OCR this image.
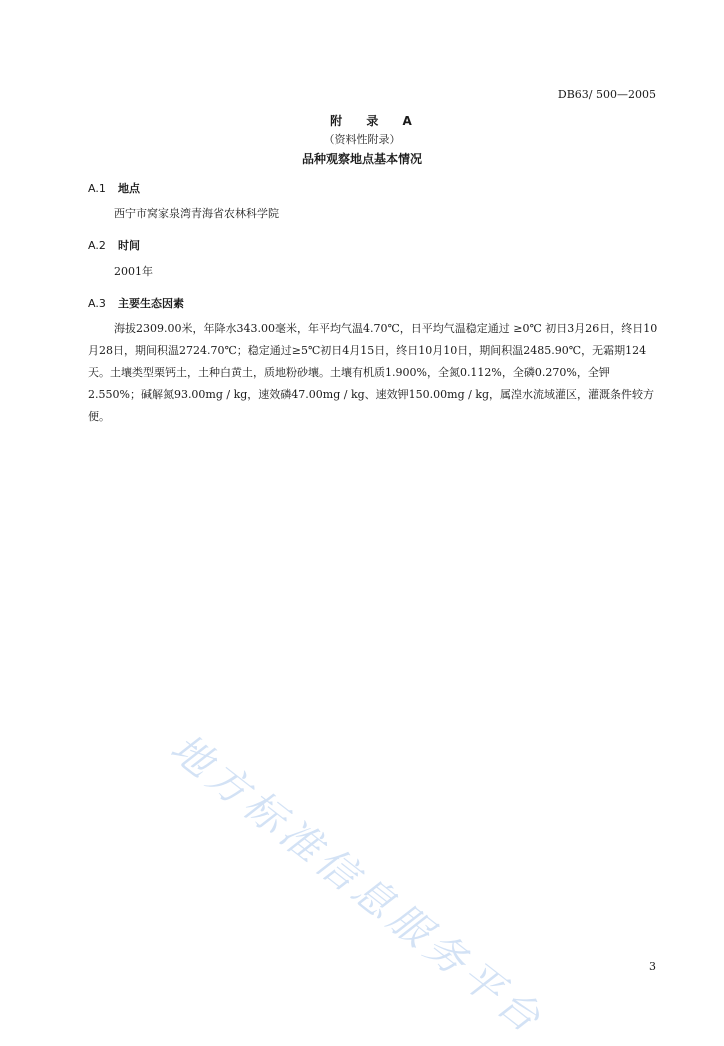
DB63/ 500—2005
附 录 A
（资料性附录）
品种观察地点基本情况
A.1 地点
西宁市窝家泉湾青海省农林科学院
A.2 时间
2001年
A.3 主要生态因素
海拔2309.00米，年降水343.00毫米，年平均气温4.70℃，日平均气温稳定通过 ≥0℃ 初日3月26日，终日10月28日，期间积温2724.70℃；稳定通过≥5℃初日4月15日，终日10月10日，期间积温2485.90℃，无霜期124天。土壤类型栗钙土，土种白黄土，质地粉砂壤。土壤有机质1.900%，全氮0.112%，全磷0.270%，全钾2.550%；碱解氮93.00mg / kg，速效磷47.00mg / kg、速效钾150.00mg / kg，属湟水流域灌区，灌溉条件较方便。
地方标准信息服务平台	3
